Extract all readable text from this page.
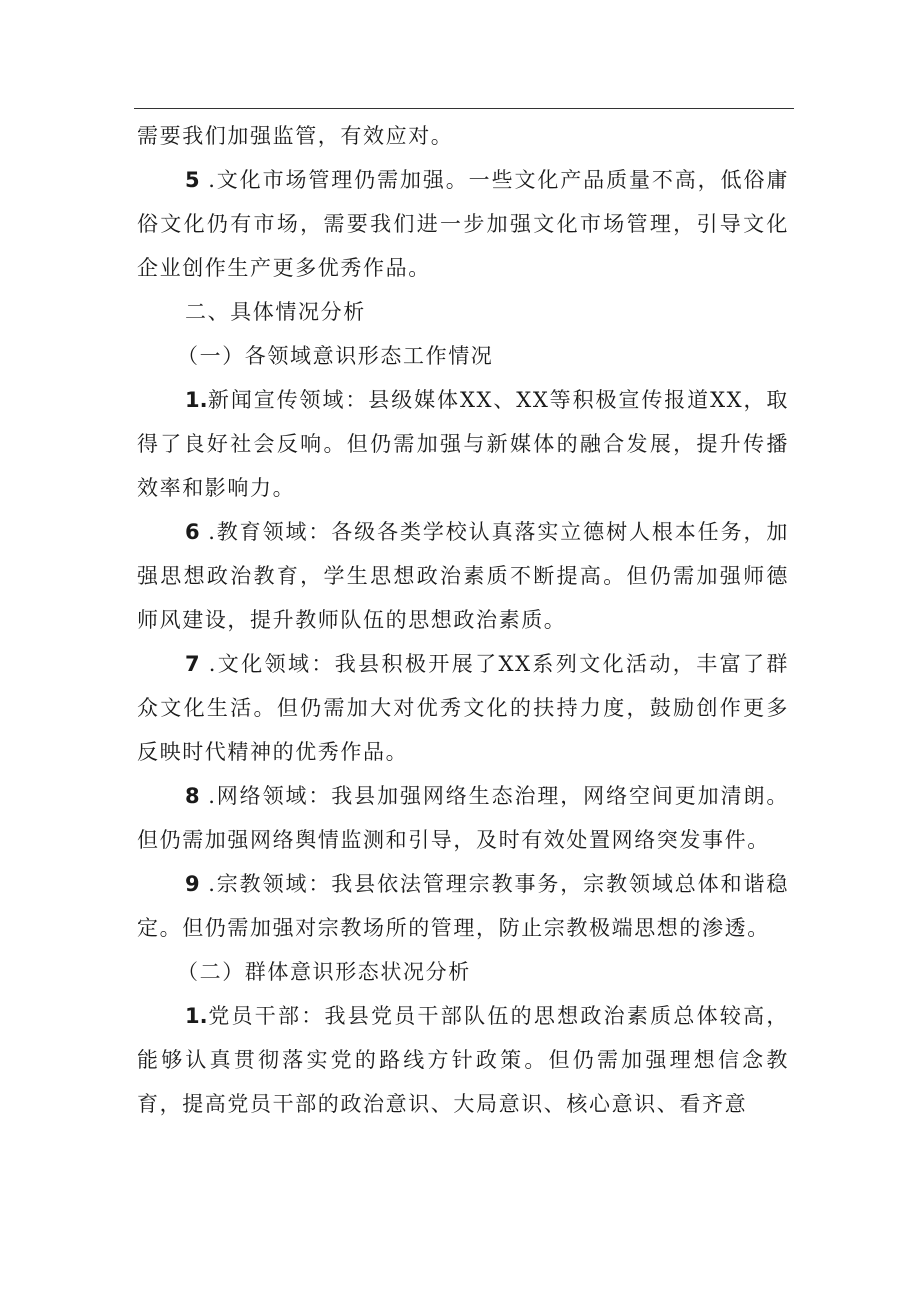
需要我们加强监管，有效应对。

5 .文化市场管理仍需加强。一些文化产品质量不高，低俗庸俗文化仍有市场，需要我们进一步加强文化市场管理，引导文化企业创作生产更多优秀作品。

二、具体情况分析

（一）各领域意识形态工作情况

1.新闻宣传领域：县级媒体XX、XX等积极宣传报道XX，取得了良好社会反响。但仍需加强与新媒体的融合发展，提升传播效率和影响力。

6 .教育领域：各级各类学校认真落实立德树人根本任务，加强思想政治教育，学生思想政治素质不断提高。但仍需加强师德师风建设，提升教师队伍的思想政治素质。

7 .文化领域：我县积极开展了XX系列文化活动，丰富了群众文化生活。但仍需加大对优秀文化的扶持力度，鼓励创作更多反映时代精神的优秀作品。

8 .网络领域：我县加强网络生态治理，网络空间更加清朗。但仍需加强网络舆情监测和引导，及时有效处置网络突发事件。

9 .宗教领域：我县依法管理宗教事务，宗教领域总体和谐稳定。但仍需加强对宗教场所的管理，防止宗教极端思想的渗透。

（二）群体意识形态状况分析

1.党员干部：我县党员干部队伍的思想政治素质总体较高，能够认真贯彻落实党的路线方针政策。但仍需加强理想信念教育，提高党员干部的政治意识、大局意识、核心意识、看齐意
